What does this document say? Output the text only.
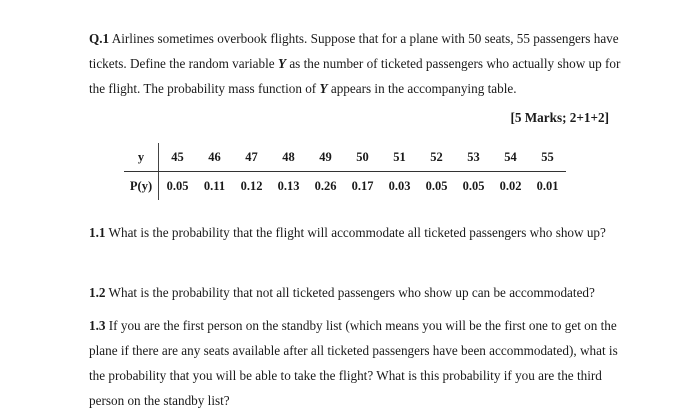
Q.1 Airlines sometimes overbook flights. Suppose that for a plane with 50 seats, 55 passengers have tickets. Define the random variable Y as the number of ticketed passengers who actually show up for the flight. The probability mass function of Y appears in the accompanying table.

[5 Marks; 2+1+2]
y	45	46	47	48	49	50	51	52	53	54	55
P(y)	0.05	0.11	0.12	0.13	0.26	0.17	0.03	0.05	0.05	0.02	0.01

1.1 What is the probability that the flight will accommodate all ticketed passengers who show up?

1.2 What is the probability that not all ticketed passengers who show up can be accommodated?

1.3 If you are the first person on the standby list (which means you will be the first one to get on the plane if there are any seats available after all ticketed passengers have been accommodated), what is the probability that you will be able to take the flight? What is this probability if you are the third person on the standby list?
